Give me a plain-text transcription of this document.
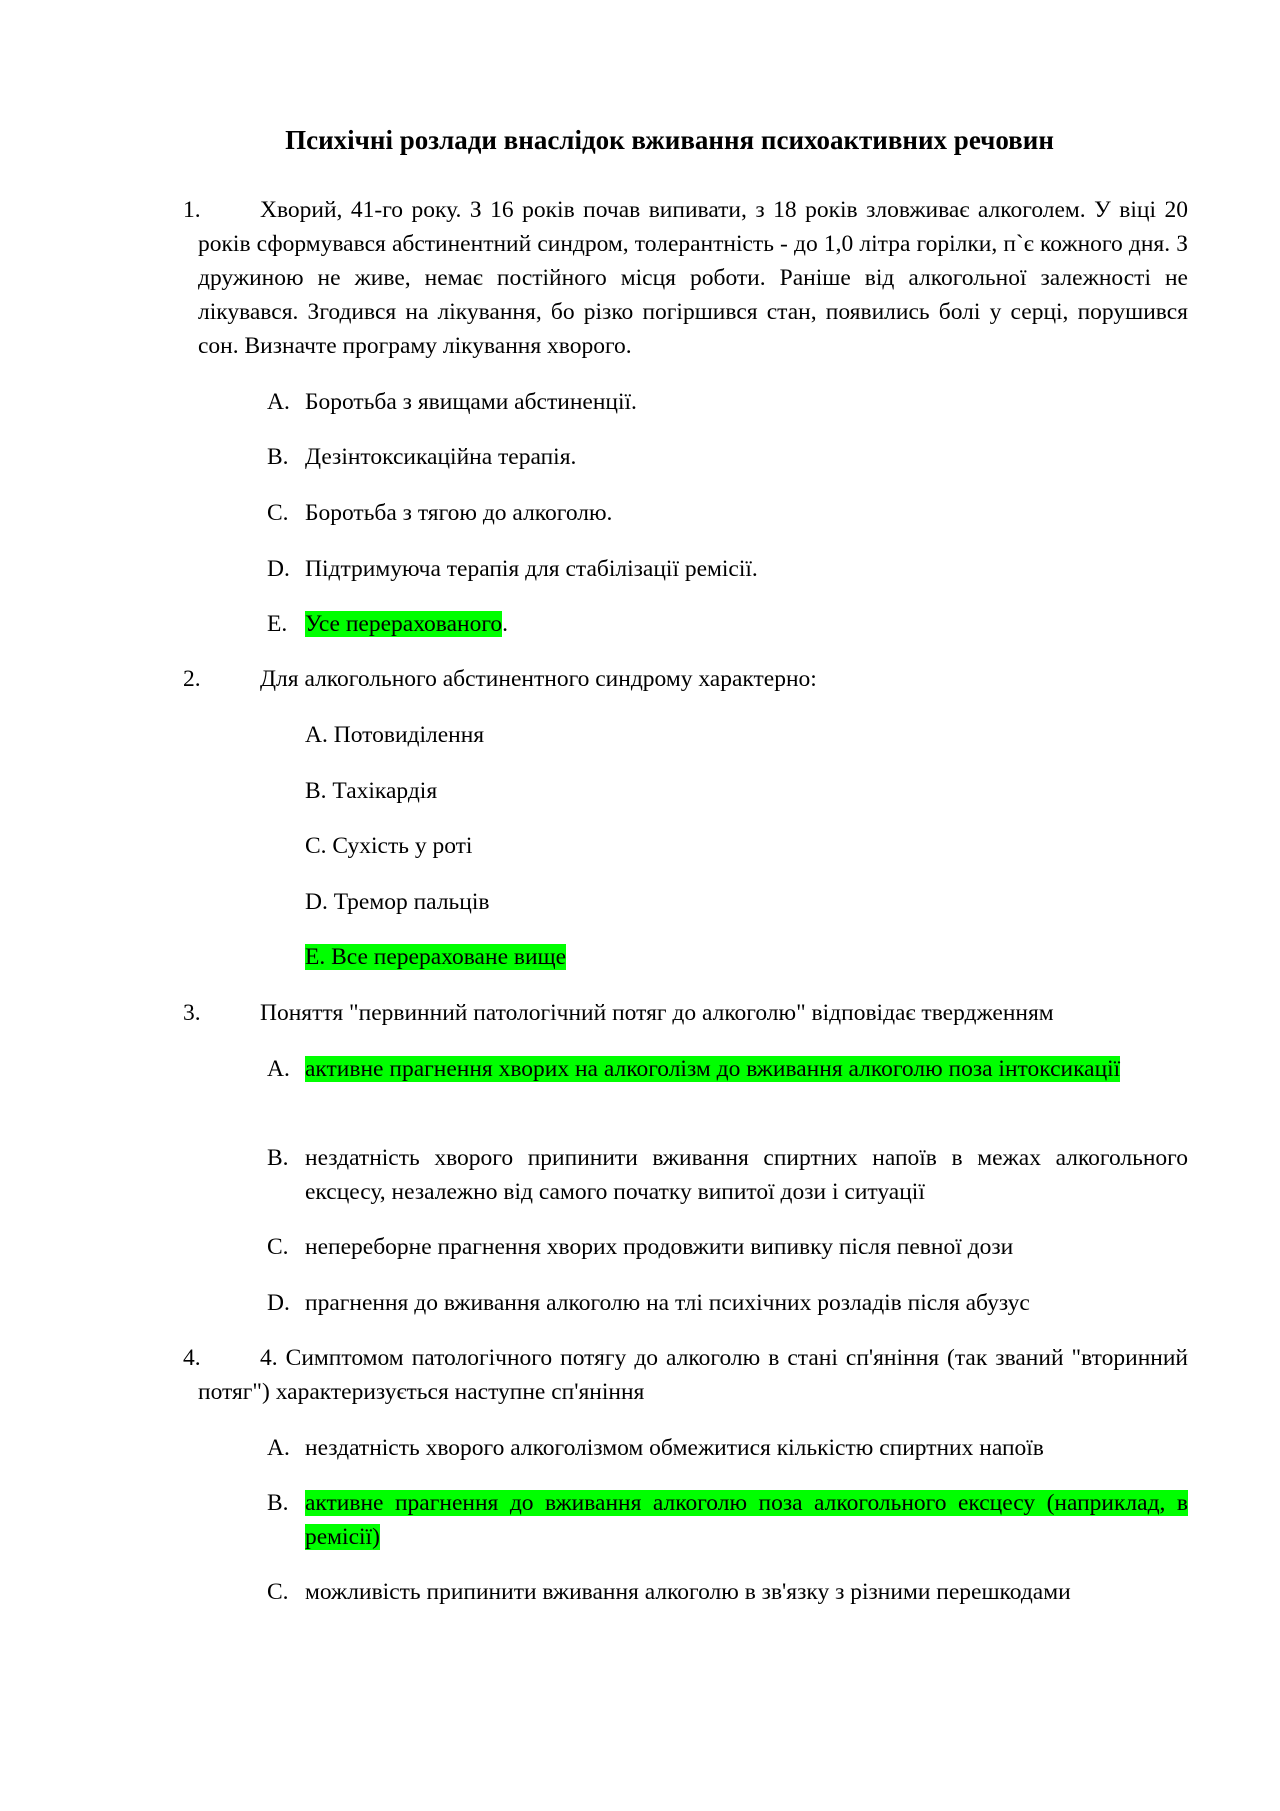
Психічні розлади внаслідок вживання психоактивних речовин
1.	Хворий, 41-го року. З 16 років почав випивати, з 18 років зловживає алкоголем. У віці 20 років сформувався абстинентний синдром, толерантність - до 1,0 літра горілки, п`є кожного дня. З дружиною не живе, немає постійного місця роботи. Раніше від алкогольної залежності не лікувався. Згодився на лікування, бо різко погіршився стан, появились болі у серці, порушився сон. Визначте програму лікування хворого.
A. Боротьба з явищами абстиненції.
B. Дезінтоксикаційна терапія.
C. Боротьба з тягою до алкоголю.
D. Підтримуюча терапія для стабілізації ремісії.
E. Усе перерахованого.
2.	Для алкогольного абстинентного синдрому характерно:
A. Потовиділення
B. Тахікардія
C. Сухість у роті
D. Тремор пальців
E. Все перераховане вище
3.	Поняття "первинний патологічний потяг до алкоголю" відповідає твердженням
A. активне прагнення хворих на алкоголізм до вживання алкоголю поза інтоксикації
B. нездатність хворого припинити вживання спиртних напоїв в межах алкогольного ексцесу, незалежно від самого початку випитої дози і ситуації
C. непереборне прагнення хворих продовжити випивку після певної дози
D. прагнення до вживання алкоголю на тлі психічних розладів після абузус
4.	4. Симптомом патологічного потягу до алкоголю в стані сп'яніння (так званий "вторинний потяг") характеризується наступне сп'яніння
A. нездатність хворого алкоголізмом обмежитися кількістю спиртних напоїв
B. активне прагнення до вживання алкоголю поза алкогольного ексцесу (наприклад, в ремісії)
C. можливість припинити вживання алкоголю в зв'язку з різними перешкодами
